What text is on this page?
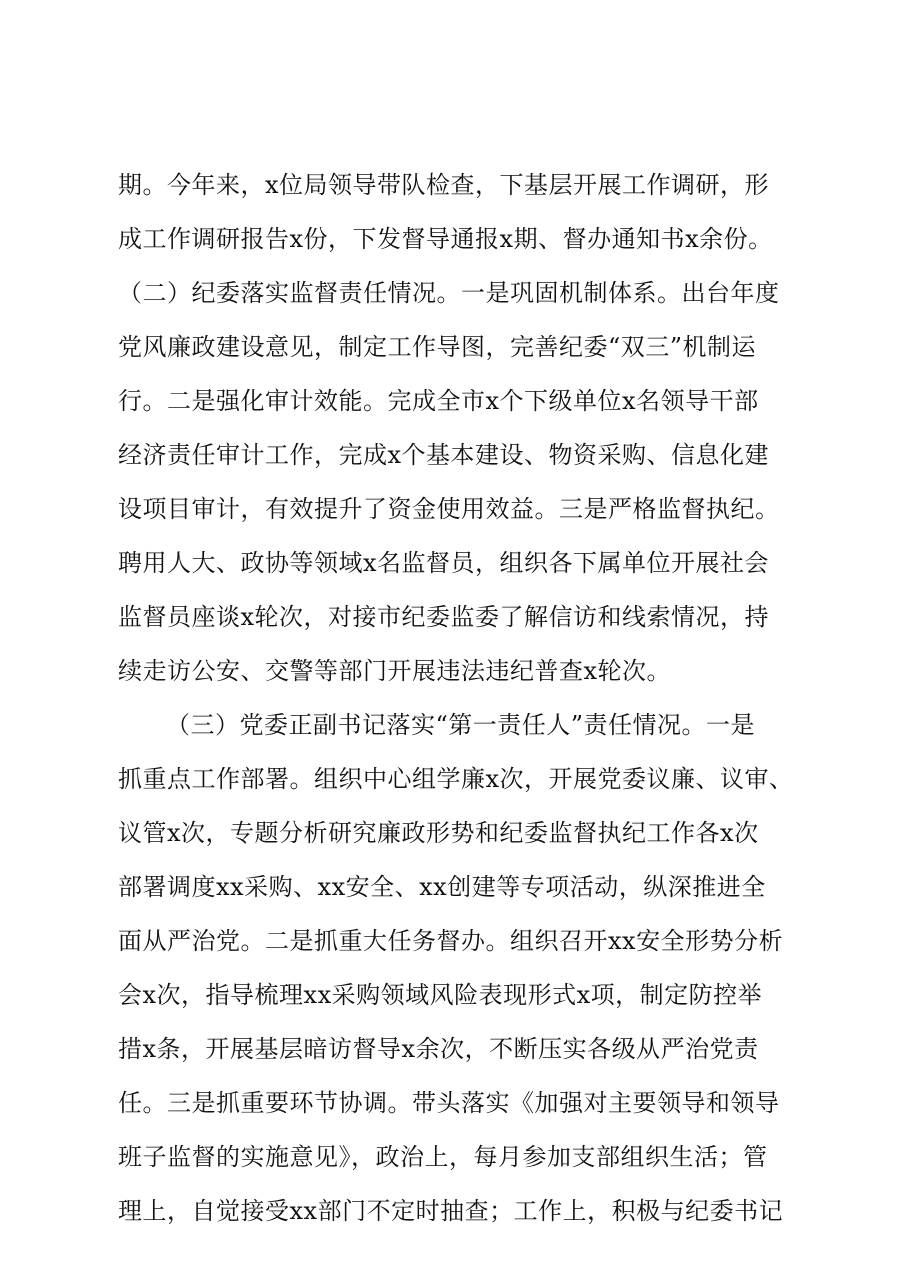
期。今年来，x位局领导带队检查，下基层开展工作调研，形
成工作调研报告x份，下发督导通报x期、督办通知书x余份。
（二）纪委落实监督责任情况。一是巩固机制体系。出台年度
党风廉政建设意见，制定工作导图，完善纪委“双三”机制运
行。二是强化审计效能。完成全市x个下级单位x名领导干部
经济责任审计工作，完成x个基本建设、物资采购、信息化建
设项目审计，有效提升了资金使用效益。三是严格监督执纪。
聘用人大、政协等领域x名监督员，组织各下属单位开展社会
监督员座谈x轮次，对接市纪委监委了解信访和线索情况，持
续走访公安、交警等部门开展违法违纪普查x轮次。
（三）党委正副书记落实“第一责任人”责任情况。一是
抓重点工作部署。组织中心组学廉x次，开展党委议廉、议审、
议管x次，专题分析研究廉政形势和纪委监督执纪工作各x次
部署调度xx采购、xx安全、xx创建等专项活动，纵深推进全
面从严治党。二是抓重大任务督办。组织召开xx安全形势分析
会x次，指导梳理xx采购领域风险表现形式x项，制定防控举
措x条，开展基层暗访督导x余次，不断压实各级从严治党责
任。三是抓重要环节协调。带头落实《加强对主要领导和领导
班子监督的实施意见》，政治上，每月参加支部组织生活；管
理上，自觉接受xx部门不定时抽查；工作上，积极与纪委书记
